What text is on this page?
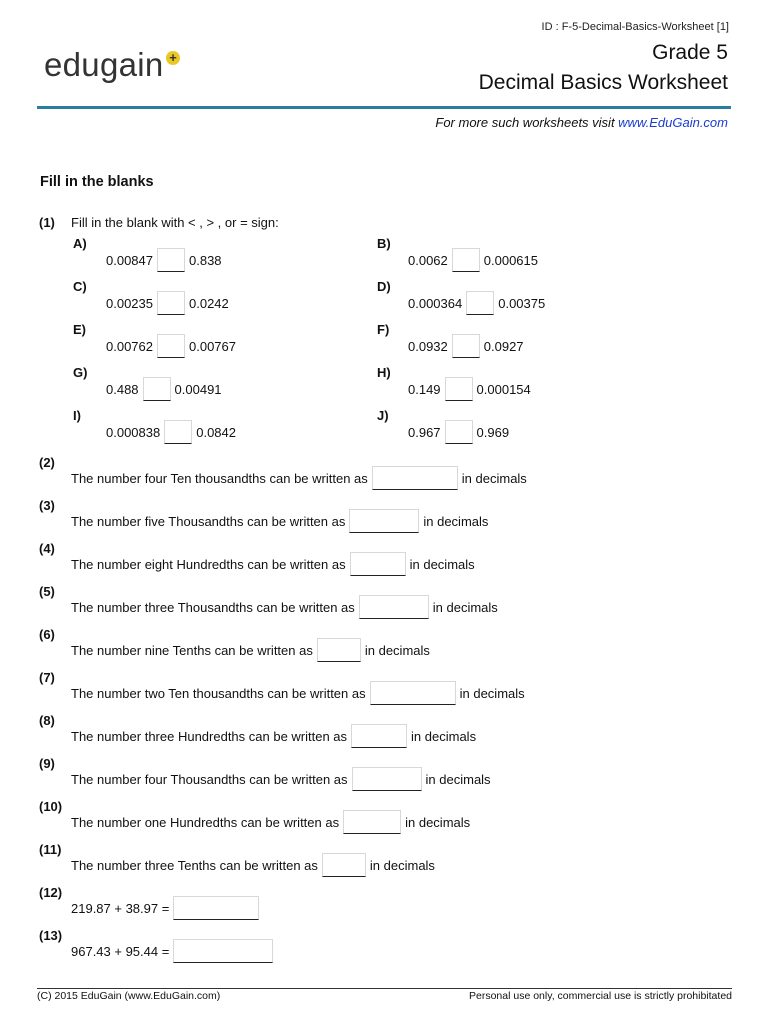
ID : F-5-Decimal-Basics-Worksheet [1]
edugain +	Grade 5
Decimal Basics Worksheet
For more such worksheets visit www.EduGain.com
Fill in the blanks
(1) Fill in the blank with < , > , or = sign:
A)
0.00847	0.838
B)
0.0062	0.000615
C)
0.00235	0.0242
D)
0.000364	0.00375
E)
0.00762	0.00767
F)
0.0932	0.0927
G)
0.488	0.00491
H)
0.149	0.000154
I)
0.000838	0.0842
J)
0.967	0.969
(2)
The number four Ten thousandths can be written as	in decimals
(3)
The number five Thousandths can be written as	in decimals
(4)
The number eight Hundredths can be written as	in decimals
(5)
The number three Thousandths can be written as	in decimals
(6)
The number nine Tenths can be written as	in decimals
(7)
The number two Ten thousandths can be written as	in decimals
(8)
The number three Hundredths can be written as	in decimals
(9)
The number four Thousandths can be written as	in decimals
(10)
The number one Hundredths can be written as	in decimals
(11)
The number three Tenths can be written as	in decimals
(12)
219.87 + 38.97 =
(13)
967.43 + 95.44 =
(C) 2015 EduGain (www.EduGain.com)	Personal use only, commercial use is strictly prohibitated
